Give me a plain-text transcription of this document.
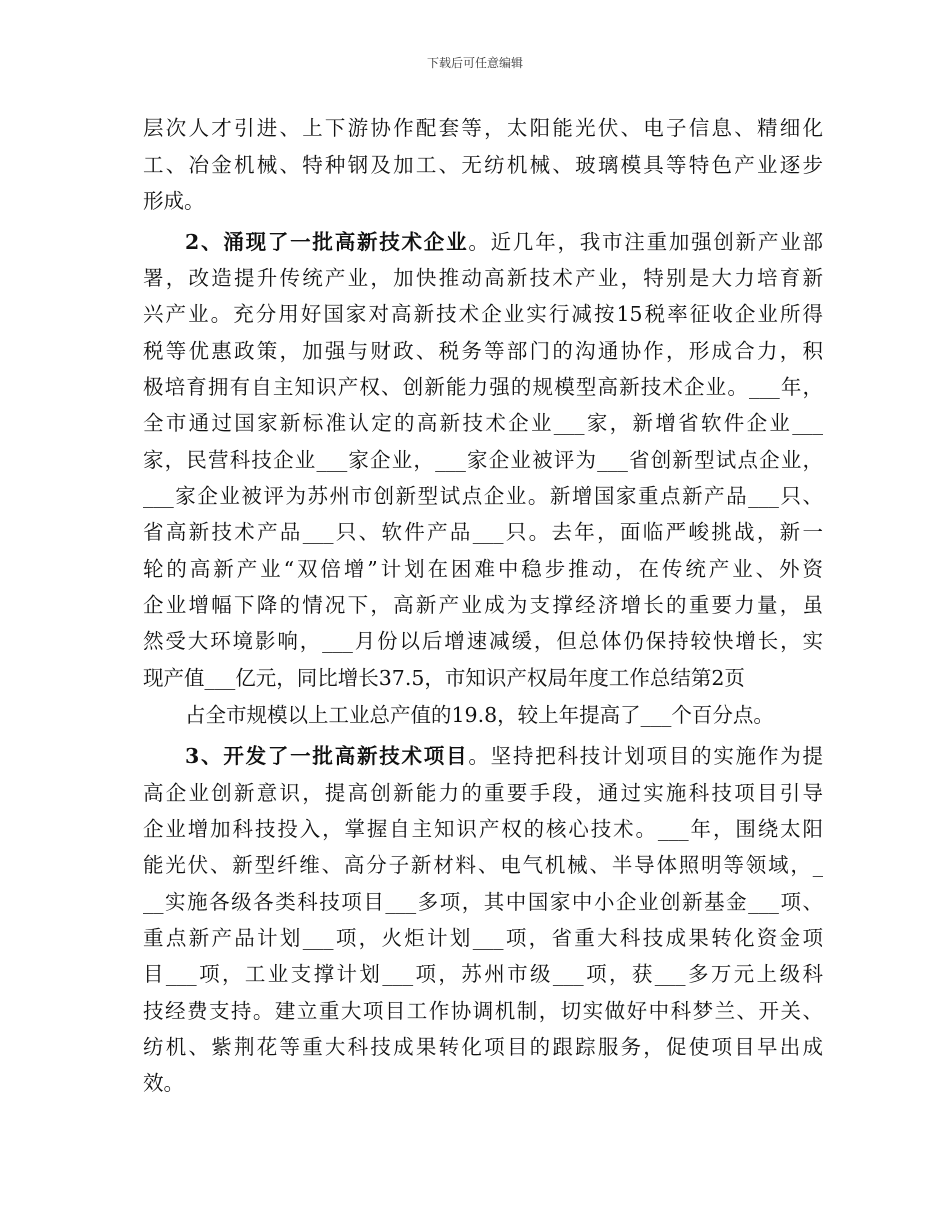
下载后可任意编辑
层次人才引进、上下游协作配套等，太阳能光伏、电子信息、精细化
工、冶金机械、特种钢及加工、无纺机械、玻璃模具等特色产业逐步
形成。
2、涌现了一批高新技术企业。近几年，我市注重加强创新产业部
署，改造提升传统产业，加快推动高新技术产业，特别是大力培育新
兴产业。充分用好国家对高新技术企业实行减按15税率征收企业所得
税等优惠政策，加强与财政、税务等部门的沟通协作，形成合力，积
极培育拥有自主知识产权、创新能力强的规模型高新技术企业。___年，
全市通过国家新标准认定的高新技术企业___家，新增省软件企业___
家，民营科技企业___家企业，___家企业被评为___省创新型试点企业，
___家企业被评为苏州市创新型试点企业。新增国家重点新产品___只、
省高新技术产品___只、软件产品___只。去年，面临严峻挑战，新一
轮的高新产业“双倍增”计划在困难中稳步推动，在传统产业、外资
企业增幅下降的情况下，高新产业成为支撑经济增长的重要力量，虽
然受大环境影响，___月份以后增速减缓，但总体仍保持较快增长，实
现产值___亿元，同比增长37.5，市知识产权局年度工作总结第2页
占全市规模以上工业总产值的19.8，较上年提高了___个百分点。
3、开发了一批高新技术项目。坚持把科技计划项目的实施作为提
高企业创新意识，提高创新能力的重要手段，通过实施科技项目引导
企业增加科技投入，掌握自主知识产权的核心技术。___年，围绕太阳
能光伏、新型纤维、高分子新材料、电气机械、半导体照明等领域，_
__实施各级各类科技项目___多项，其中国家中小企业创新基金___项、
重点新产品计划___项，火炬计划___项，省重大科技成果转化资金项
目___项，工业支撑计划___项，苏州市级___项，获___多万元上级科
技经费支持。建立重大项目工作协调机制，切实做好中科梦兰、开关、
纺机、紫荆花等重大科技成果转化项目的跟踪服务，促使项目早出成
效。
